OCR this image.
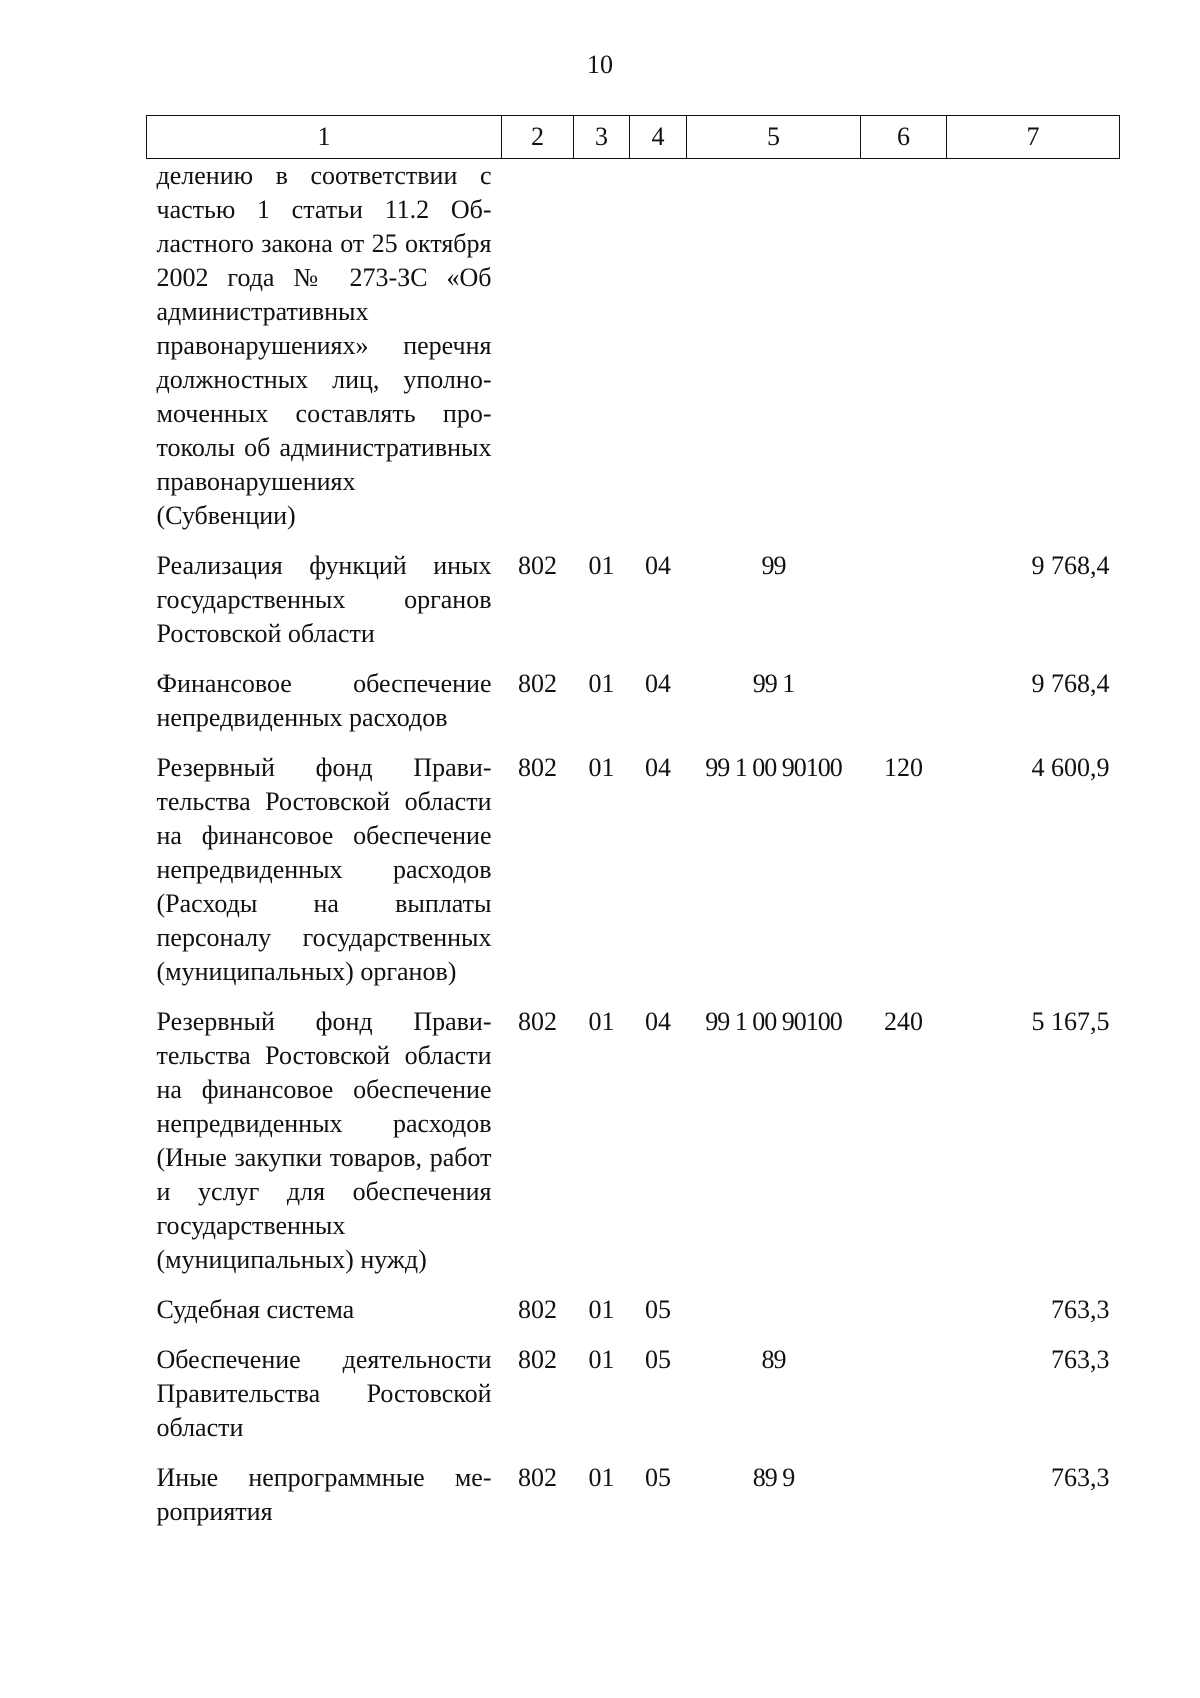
10
1	2	3	4	5	6	7
делению в соответствии с частью 1 статьи 11.2 Областного закона от 25 октября 2002 года № 273-ЗС «Об административных правонарушениях» перечня должностных лиц, уполномоченных составлять протоколы об административных правонарушениях (Субвенции)						
Реализация функций иных государственных органов Ростовской области	802	01	04	99		9 768,4
Финансовое обеспечение непредвиденных расходов	802	01	04	99 1		9 768,4
Резервный фонд Правительства Ростовской области на финансовое обеспечение непредвиденных расходов (Расходы на выплаты персоналу государственных (муниципальных) органов)	802	01	04	99 1 00 90100	120	4 600,9
Резервный фонд Правительства Ростовской области на финансовое обеспечение непредвиденных расходов (Иные закупки товаров, работ и услуг для обеспечения государственных (муниципальных) нужд)	802	01	04	99 1 00 90100	240	5 167,5
Судебная система	802	01	05			763,3
Обеспечение деятельности Правительства Ростовской области	802	01	05	89		763,3
Иные непрограммные мероприятия	802	01	05	89 9		763,3
